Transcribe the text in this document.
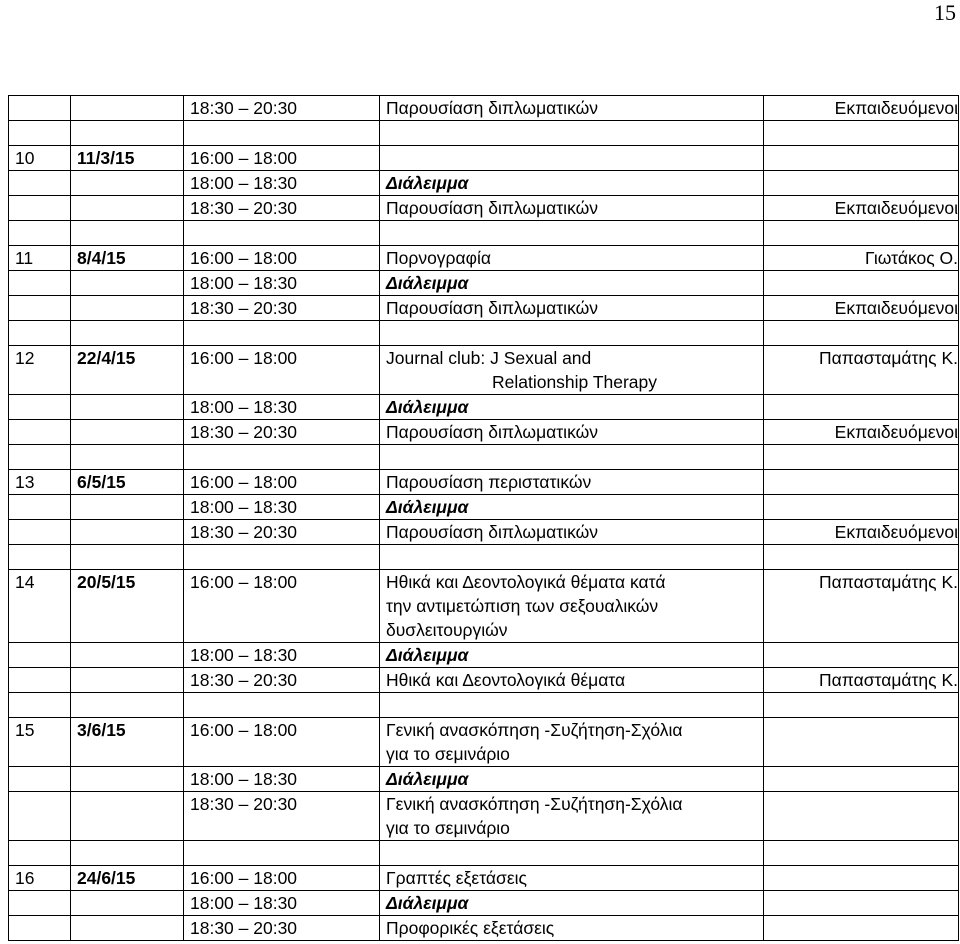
15
		18:30 – 20:30	Παρουσίαση διπλωματικών	Εκπαιδευόμενοι

10	11/3/15	16:00 – 18:00		
		18:00 – 18:30	Διάλειμμα	
		18:30 – 20:30	Παρουσίαση διπλωματικών	Εκπαιδευόμενοι

11	8/4/15	16:00 – 18:00	Πορνογραφία	Γιωτάκος Ο.
		18:00 – 18:30	Διάλειμμα	
		18:30 – 20:30	Παρουσίαση διπλωματικών	Εκπαιδευόμενοι

12	22/4/15	16:00 – 18:00	Journal club: J Sexual and
Relationship Therapy	Παπασταμάτης Κ.
		18:00 – 18:30	Διάλειμμα	
		18:30 – 20:30	Παρουσίαση διπλωματικών	Εκπαιδευόμενοι

13	6/5/15	16:00 – 18:00	Παρουσίαση περιστατικών	
		18:00 – 18:30	Διάλειμμα	
		18:30 – 20:30	Παρουσίαση διπλωματικών	Εκπαιδευόμενοι

14	20/5/15	16:00 – 18:00	Ηθικά και Δεοντολογικά θέματα κατά
την αντιμετώπιση των σεξουαλικών
δυσλειτουργιών	Παπασταμάτης Κ.
		18:00 – 18:30	Διάλειμμα	
		18:30 – 20:30	Ηθικά και Δεοντολογικά θέματα	Παπασταμάτης Κ.

15	3/6/15	16:00 – 18:00	Γενική ανασκόπηση -Συζήτηση-Σχόλια
για το σεμινάριο	

		18:00 – 18:30	Διάλειμμα	
		18:30 – 20:30	Γενική ανασκόπηση -Συζήτηση-Σχόλια
για το σεμινάριο	

16	24/6/15	16:00 – 18:00	Γραπτές εξετάσεις	
		18:00 – 18:30	Διάλειμμα	
		18:30 – 20:30	Προφορικές εξετάσεις	
